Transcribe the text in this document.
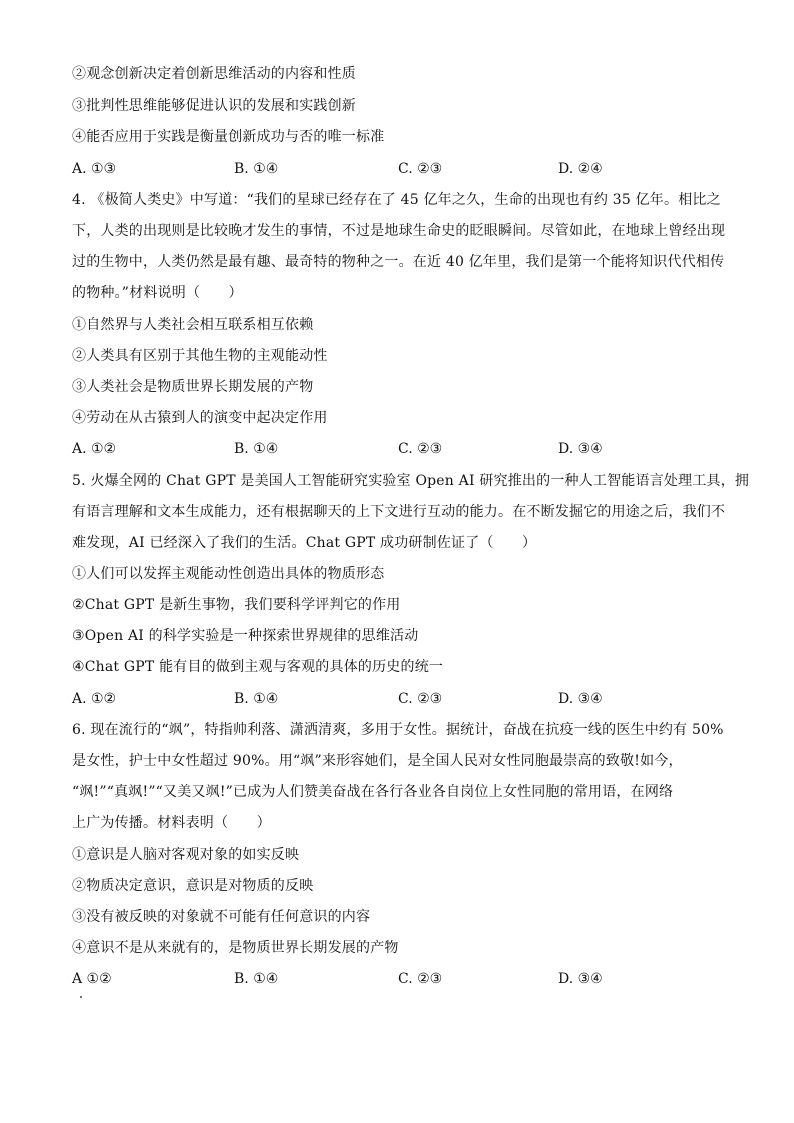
②观念创新决定着创新思维活动的内容和性质
③批判性思维能够促进认识的发展和实践创新
④能否应用于实践是衡量创新成功与否的唯一标准
A. ①③	B. ①④	C. ②③	D. ②④
4. 《极简人类史》中写道：“我们的星球已经存在了 45 亿年之久，生命的出现也有约 35 亿年。相比之
下，人类的出现则是比较晚才发生的事情，不过是地球生命史的眨眼瞬间。尽管如此，在地球上曾经出现
过的生物中，人类仍然是最有趣、最奇特的物种之一。在近 40 亿年里，我们是第一个能将知识代代相传
的物种。”材料说明（　　）
①自然界与人类社会相互联系相互依赖
②人类具有区别于其他生物的主观能动性
③人类社会是物质世界长期发展的产物
④劳动在从古猿到人的演变中起决定作用
A. ①②	B. ①④	C. ②③	D. ③④
5. 火爆全网的 Chat GPT 是美国人工智能研究实验室 Open AI 研究推出的一种人工智能语言处理工具，拥
有语言理解和文本生成能力，还有根据聊天的上下文进行互动的能力。在不断发掘它的用途之后，我们不
难发现，AI 已经深入了我们的生活。Chat GPT 成功研制佐证了（　　）
①人们可以发挥主观能动性创造出具体的物质形态
②Chat GPT 是新生事物，我们要科学评判它的作用
③Open AI 的科学实验是一种探索世界规律的思维活动
④Chat GPT 能有目的做到主观与客观的具体的历史的统一
A. ①②	B. ①④	C. ②③	D. ③④
6. 现在流行的“飒”，特指帅利落、潇洒清爽，多用于女性。据统计，奋战在抗疫一线的医生中约有 50%
是女性，护士中女性超过 90%。用“飒”来形容她们，是全国人民对女性同胞最崇高的致敬!如今，
“飒!”“真飒!”“又美又飒!”已成为人们赞美奋战在各行各业各自岗位上女性同胞的常用语，在网络
上广为传播。材料表明（　　）
①意识是人脑对客观对象的如实反映
②物质决定意识，意识是对物质的反映
③没有被反映的对象就不可能有任何意识的内容
④意识不是从来就有的，是物质世界长期发展的产物
A ①②	B. ①④	C. ②③	D. ③④
